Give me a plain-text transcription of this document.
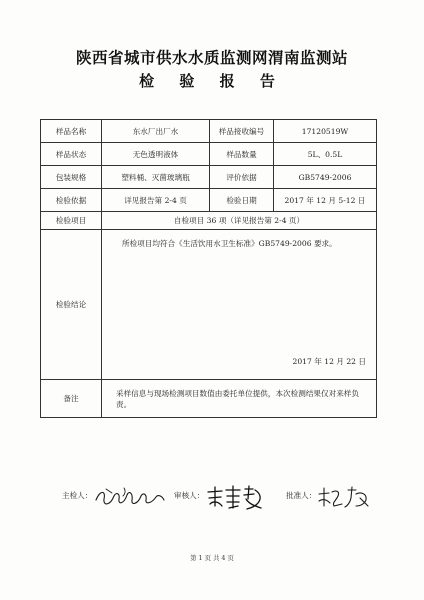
陕西省城市供水水质监测网渭南监测站
检 验 报 告
样品名称	东水厂出厂水	样品接收编号	17120519W
样品状态	无色透明液体	样品数量	5L、0.5L
包装规格	塑料桶、灭菌玻璃瓶	评价依据	GB5749-2006
检验依据	详见报告第 2-4 页	检验日期	2017 年 12 月 5-12 日
检验项目	自检项目 36 项（详见报告第 2-4 页）		
检验结论	所检项目均符合《生活饮用水卫生标准》GB5749-2006 要求。
2017 年 12 月 22 日		

备注	采样信息与现场检测项目数值由委托单位提供，本次检测结果仅对来样负责。		
主检人：	审核人：	批准人：
第 1 页 共 4 页
